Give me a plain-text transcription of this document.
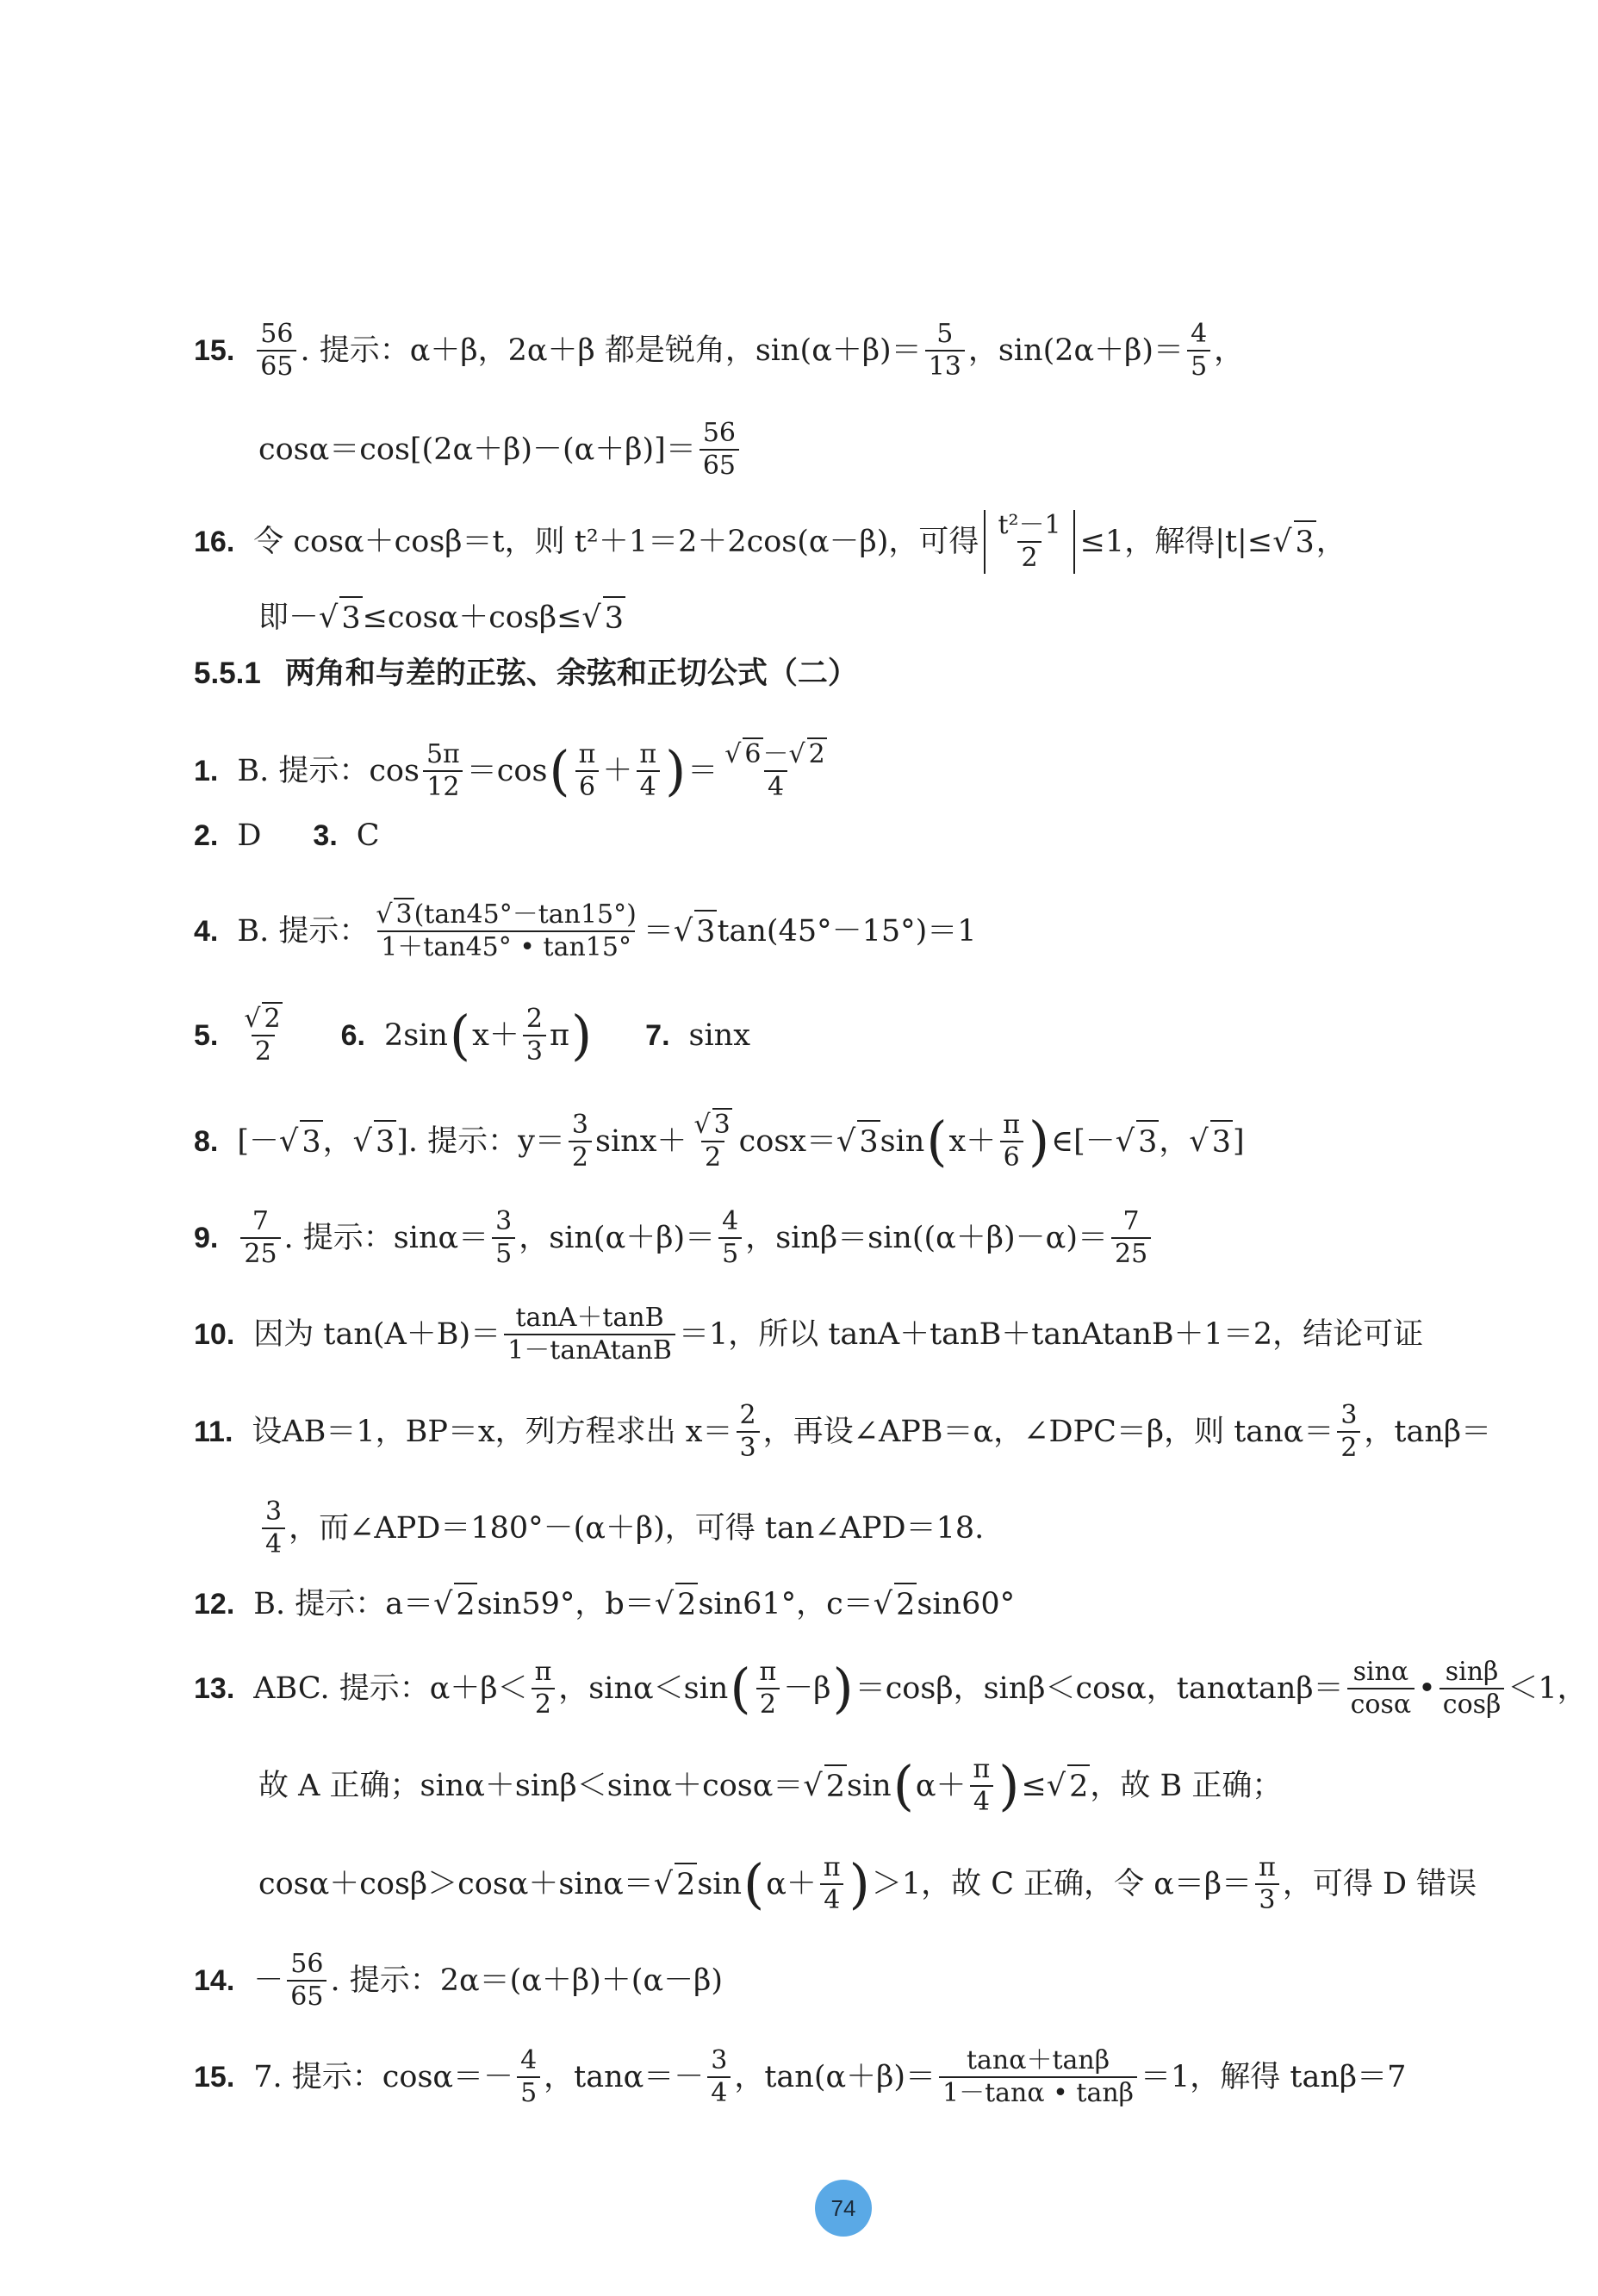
15. $\frac{56}{65}$ . 提示：α＋β，2α＋β 都是锐角，$\sin(\alpha+\beta)= \frac{5}{13}$ ，$\sin(2\alpha+\beta)= \frac{4}{5}$ ，
$\cos\alpha=\cos[(2\alpha+\beta)-(\alpha+\beta)]= \frac{56}{65}$
16. 令 cosα＋cosβ＝t，则 t²＋1＝2＋2cos(α－β)，可得 $\frac{\text{t²－1}}{2} \le 1$，解得|t|≤ √ 3 ，
即－ √ 3 ≤cosα＋cosβ≤ √ 3
5.5.1 两角和与差的正弦、余弦和正切公式（二）
1. B. 提示：$\cos \frac{5\pi}{12} =\cos$ ( $\frac{\pi}{6} + \frac{\pi}{4}$ ) ＝ $\frac{√ 6-√ 2}{4}$
2. D 3. C
4. B. 提示： $\frac{√ 3(\tan 45^\circ-\tan 15^\circ)}{1+\tan 45^\circ • \tan 15^\circ}$ ＝ √ 3 tan(45°－15°)＝1
5. $\frac{√ 2}{2} 6$. 2sin ( $x+ \frac{2}{3}$ π ) 7. sinx
8. [－ √ 3 ， √ 3 ]. 提示：$y= \frac{3}{2} \sin x+ \frac{√ 3}{2} \cos x=$ √ 3 sin ( $x+ \frac{\pi}{6}$ ) ∈[－ √ 3 ， √ 3 ]
9. $\frac{7}{25}$ . 提示：$\sin\alpha= \frac{3}{5}$ ，$\sin(\alpha+\beta)= \frac{4}{5}$ ，$\sin\beta=\sin((\alpha+\beta)-\alpha)= \frac{7}{25}$
10. 因为 $\tan(A+B)= \frac{\tan A+\tan B}{\text{1－tanAtanB}} =1$，所以 tanA＋tanB＋tanAtanB＋1＝2，结论可证
11. 设AB＝1，BP＝x，列方程求出 $x= \frac{2}{3}$ ，再设∠APB＝α，∠DPC＝β，则 $\tan\alpha= \frac{3}{2}$ ，tanβ＝
$\frac{3}{4}$ ，而∠APD＝180°－(α＋β)，可得 tan∠APD＝18.
12. B. 提示：a＝ √ 2 sin59°，b＝ √ 2 sin61°，c＝ √ 2 sin60°
13. ABC. 提示：$\alpha+\beta< \frac{\pi}{2}$ ，sinα＜sin ( $\frac{\pi}{2} -\beta$ ) ＝cosβ，sinβ＜cosα，$\tan\alpha\tan\beta= \frac{\sin\alpha}{\cos\alpha}$ • $\frac{\sin\beta}{\cos\beta} <1$，
故 A 正确；sinα＋sinβ＜sinα＋cosα＝ √ 2 sin ( $\alpha+ \frac{\pi}{4}$ ) ≤ √ 2 ，故 B 正确；
cosα＋cosβ＞cosα＋sinα＝ √ 2 sin ( $\alpha+ \frac{\pi}{4}$ ) ＞1，故 C 正确，令 $\alpha=\beta= \frac{\pi}{3}$ ，可得 D 错误
14. － $\frac{56}{65}$ . 提示：2α＝(α＋β)＋(α－β)
15. 7. 提示：$\cos\alpha=- \frac{4}{5}$ ，$\tan\alpha=- \frac{3}{4}$ ，$\tan(\alpha+\beta)= \frac{\tan\alpha+\tan\beta}{1-\tan\alpha • \tan\beta} =1$，解得 tanβ＝7
74
